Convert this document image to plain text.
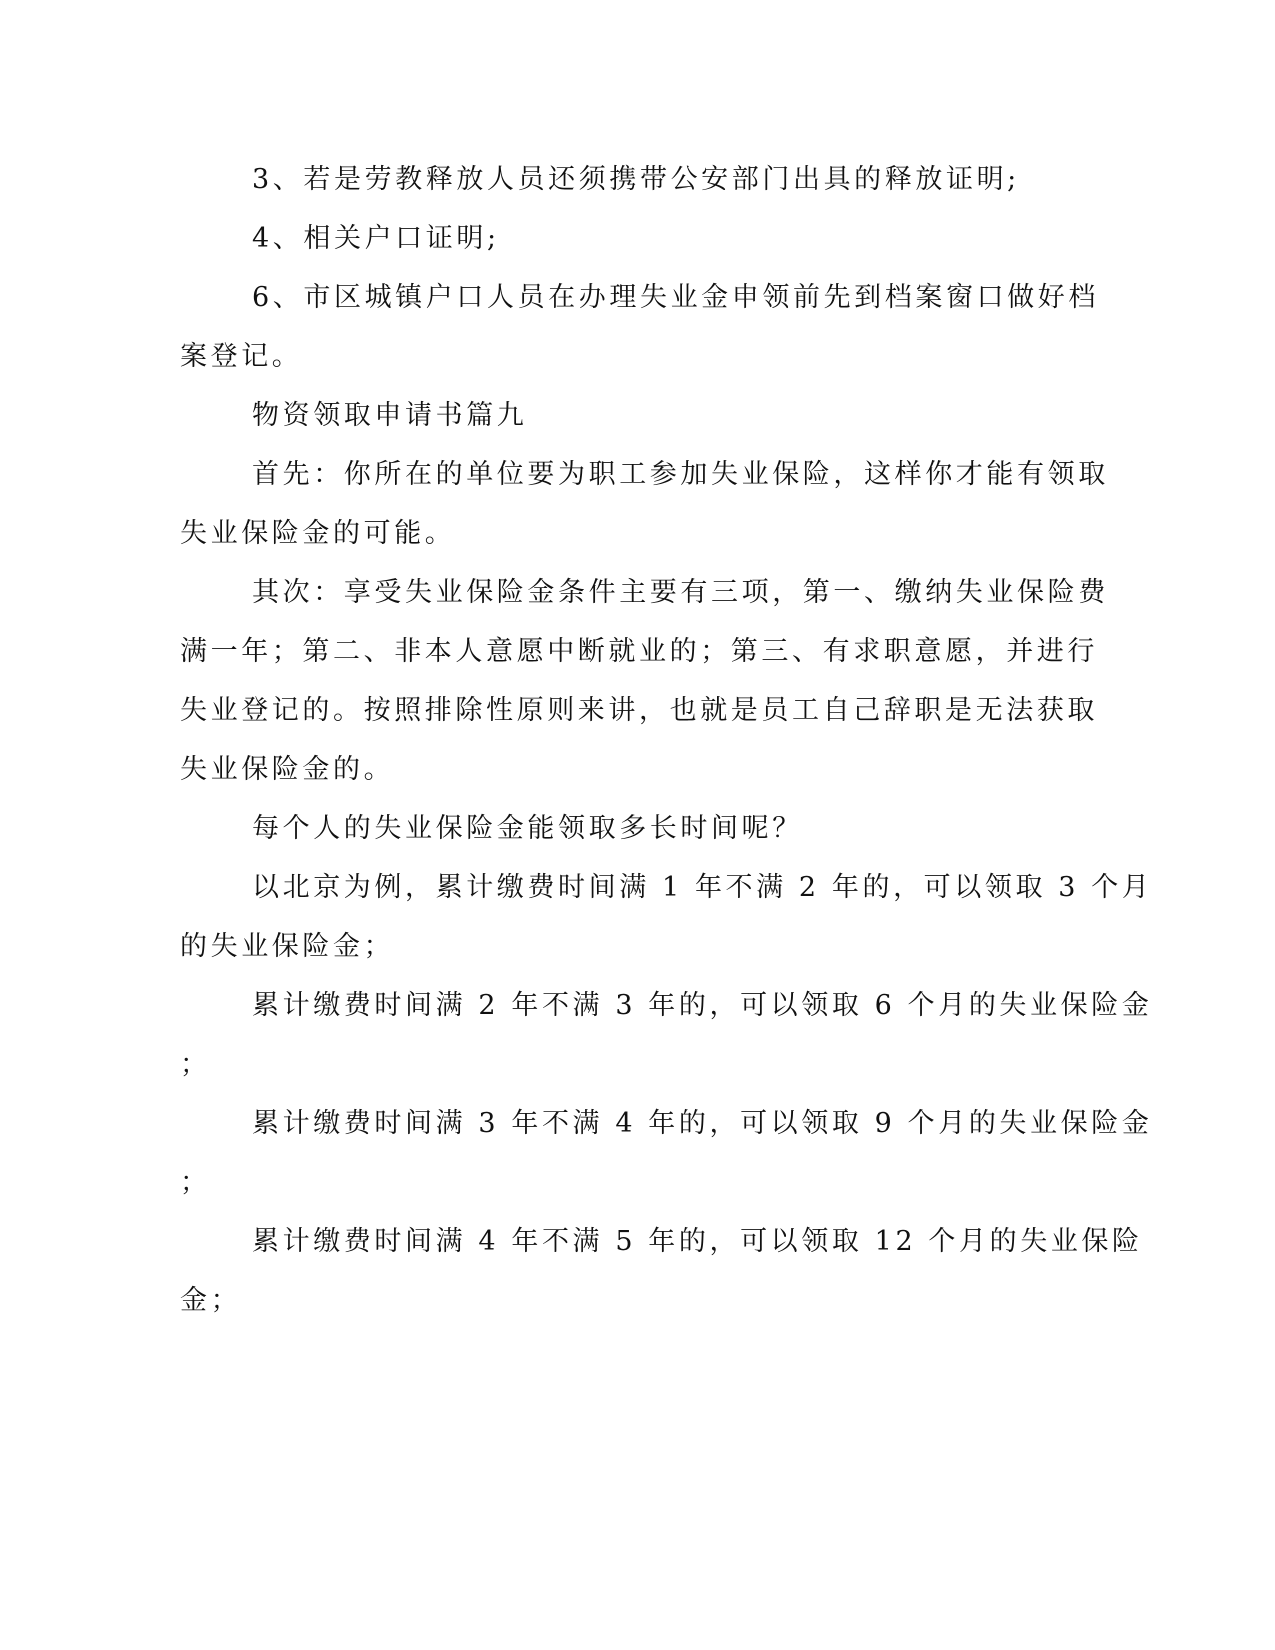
3、若是劳教释放人员还须携带公安部门出具的释放证明;
4、相关户口证明;
6、市区城镇户口人员在办理失业金申领前先到档案窗口做好档
案登记。
物资领取申请书篇九
首先：你所在的单位要为职工参加失业保险，这样你才能有领取
失业保险金的可能。
其次：享受失业保险金条件主要有三项，第一、缴纳失业保险费
满一年；第二、非本人意愿中断就业的；第三、有求职意愿，并进行
失业登记的。按照排除性原则来讲，也就是员工自己辞职是无法获取
失业保险金的。
每个人的失业保险金能领取多长时间呢？
以北京为例，累计缴费时间满 1 年不满 2 年的，可以领取 3 个月
的失业保险金；
累计缴费时间满 2 年不满 3 年的，可以领取 6 个月的失业保险金
；
累计缴费时间满 3 年不满 4 年的，可以领取 9 个月的失业保险金
；
累计缴费时间满 4 年不满 5 年的，可以领取 12 个月的失业保险
金；
